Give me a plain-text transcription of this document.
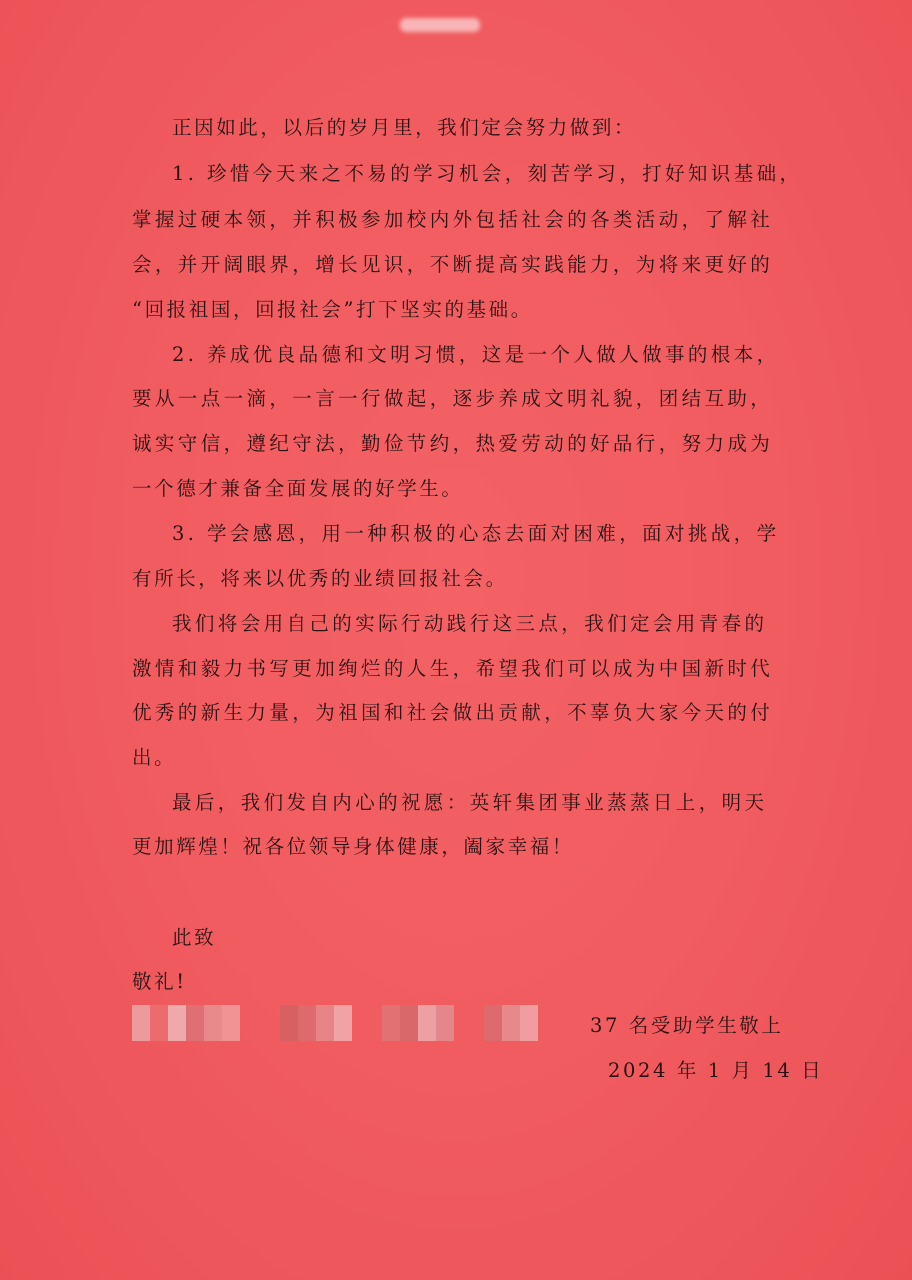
正因如此，以后的岁月里，我们定会努力做到：
1. 珍惜今天来之不易的学习机会，刻苦学习，打好知识基础，
掌握过硬本领，并积极参加校内外包括社会的各类活动，了解社
会，并开阔眼界，增长见识，不断提高实践能力，为将来更好的
“回报祖国，回报社会”打下坚实的基础。
2. 养成优良品德和文明习惯，这是一个人做人做事的根本，
要从一点一滴，一言一行做起，逐步养成文明礼貌，团结互助，
诚实守信，遵纪守法，勤俭节约，热爱劳动的好品行，努力成为
一个德才兼备全面发展的好学生。
3. 学会感恩，用一种积极的心态去面对困难，面对挑战，学
有所长，将来以优秀的业绩回报社会。
我们将会用自己的实际行动践行这三点，我们定会用青春的
激情和毅力书写更加绚烂的人生，希望我们可以成为中国新时代
优秀的新生力量，为祖国和社会做出贡献，不辜负大家今天的付
出。
最后，我们发自内心的祝愿：英轩集团事业蒸蒸日上，明天
更加辉煌！祝各位领导身体健康，阖家幸福！
此致
敬礼!
37 名受助学生敬上
2024 年 1 月 14 日
